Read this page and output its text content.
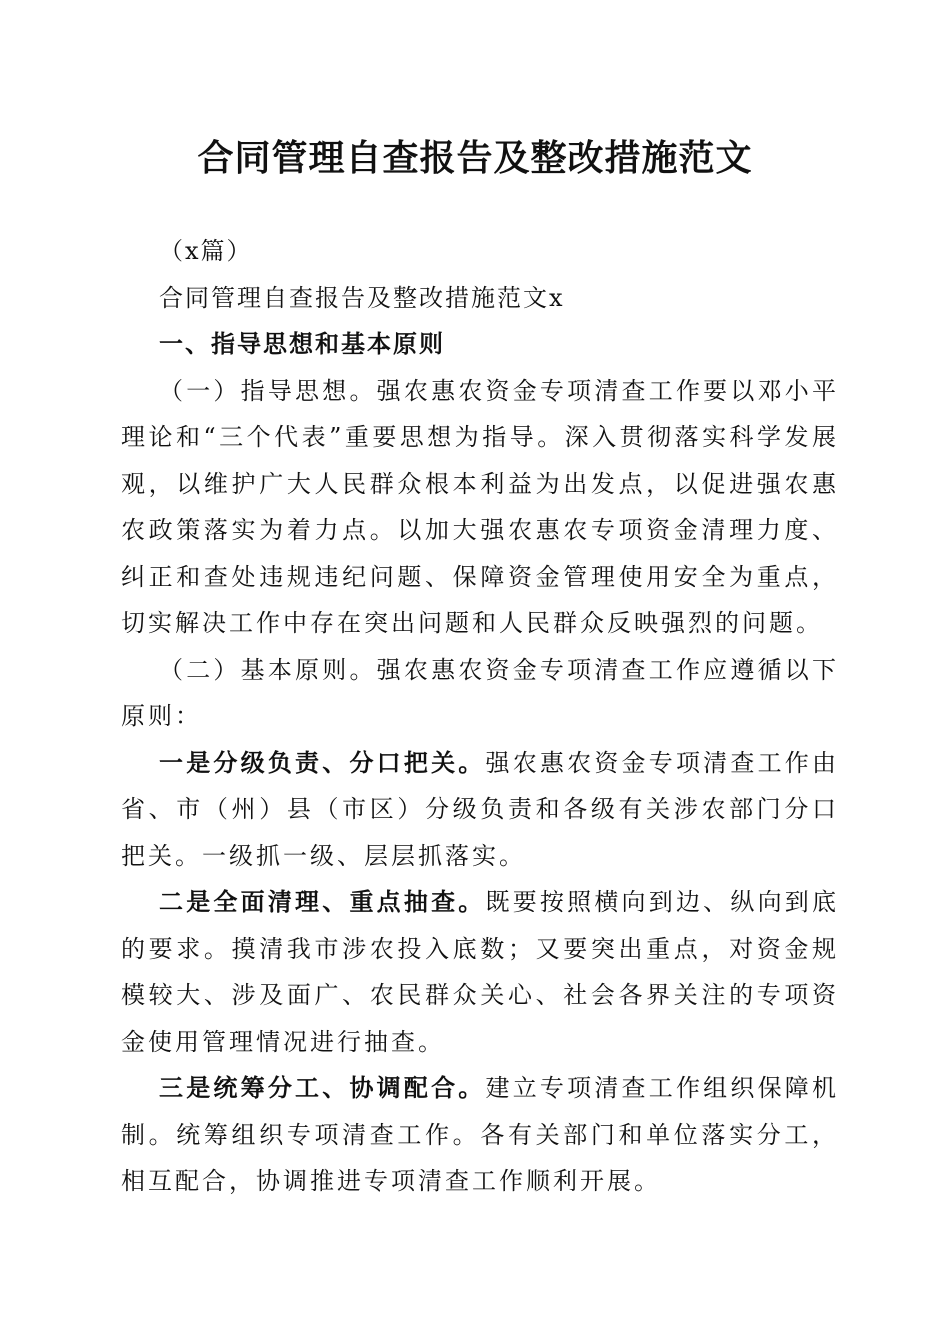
合同管理自查报告及整改措施范文

（x篇）

合同管理自查报告及整改措施范文x

一、指导思想和基本原则

（一）指导思想。强农惠农资金专项清查工作要以邓小平理论和“三个代表”重要思想为指导。深入贯彻落实科学发展观，以维护广大人民群众根本利益为出发点，以促进强农惠农政策落实为着力点。以加大强农惠农专项资金清理力度、纠正和查处违规违纪问题、保障资金管理使用安全为重点，切实解决工作中存在突出问题和人民群众反映强烈的问题。

（二）基本原则。强农惠农资金专项清查工作应遵循以下原则：

一是分级负责、分口把关。强农惠农资金专项清查工作由省、市（州）县（市区）分级负责和各级有关涉农部门分口把关。一级抓一级、层层抓落实。

二是全面清理、重点抽查。既要按照横向到边、纵向到底的要求。摸清我市涉农投入底数；又要突出重点，对资金规模较大、涉及面广、农民群众关心、社会各界关注的专项资金使用管理情况进行抽查。

三是统筹分工、协调配合。建立专项清查工作组织保障机制。统筹组织专项清查工作。各有关部门和单位落实分工，相互配合，协调推进专项清查工作顺利开展。
